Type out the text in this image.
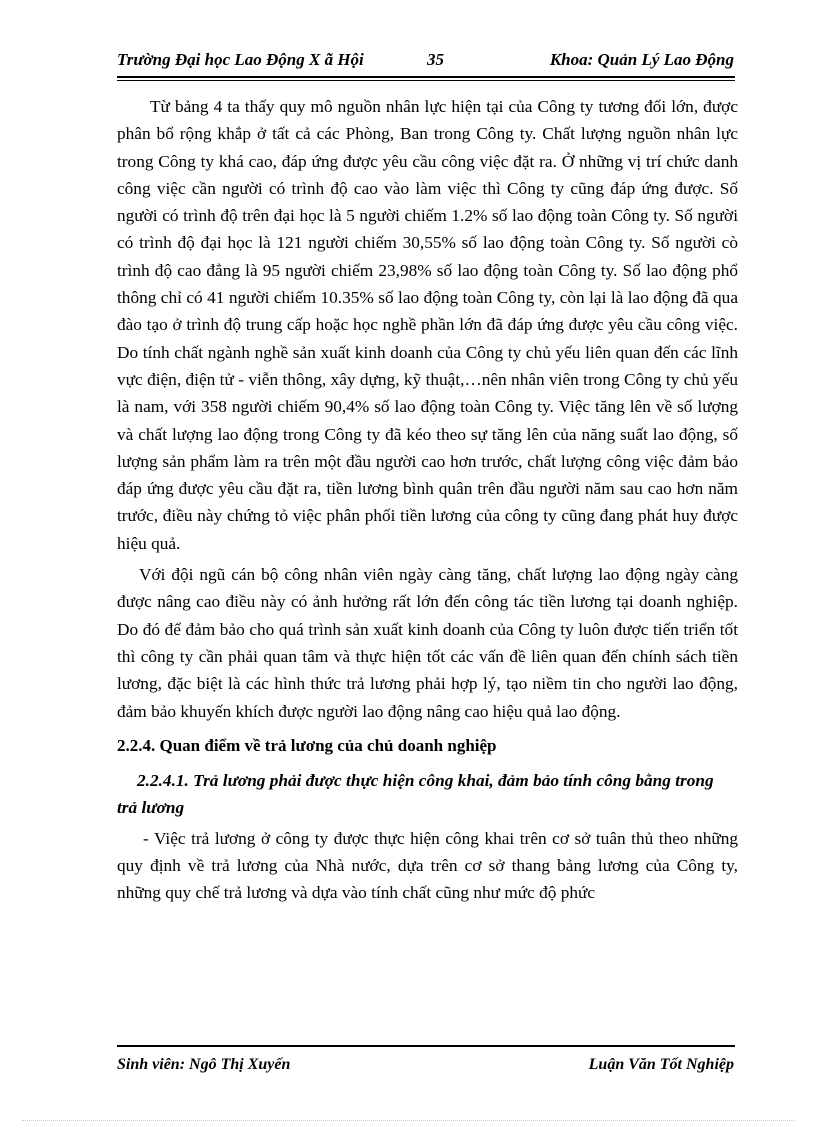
Trường Đại học Lao Động X ã Hội	35	Khoa: Quản Lý Lao Động

Từ bảng 4 ta thấy quy mô nguồn nhân lực hiện tại của Công ty tương đối lớn, được phân bổ rộng khắp ở tất cả các Phòng, Ban trong Công ty. Chất lượng nguồn nhân lực trong Công ty khá cao, đáp ứng được yêu cầu công việc đặt ra. Ở những vị trí chức danh công việc cần người có trình độ cao vào làm việc thì Công ty cũng đáp ứng được. Số người có trình độ trên đại học là 5 người chiếm 1.2% số lao động toàn Công ty. Số người có trình độ đại học là 121 người chiếm 30,55% số lao động toàn Công ty. Số người cò trình độ cao đẳng là 95 người chiếm 23,98% số lao động toàn Công ty. Số lao động phổ thông chỉ có 41 người chiếm 10.35% số lao động toàn Công ty, còn lại là lao động đã qua đào tạo ở trình độ trung cấp hoặc học nghề phần lớn đã đáp ứng được yêu cầu công việc. Do tính chất ngành nghề sản xuất kinh doanh của Công ty chủ yếu liên quan đến các lĩnh vực điện, điện tử - viễn thông, xây dựng, kỹ thuật,…nên nhân viên trong Công ty chủ yếu là nam, với 358 người chiếm 90,4% số lao động toàn Công ty. Việc tăng lên về số lượng và chất lượng lao động trong Công ty đã kéo theo sự tăng lên của năng suất lao động, số lượng sản phẩm làm ra trên một đầu người cao hơn trước, chất lượng công việc đảm bảo đáp ứng được yêu cầu đặt ra, tiền lương bình quân trên đầu người năm sau cao hơn năm trước, điều này chứng tỏ việc phân phối tiền lương của công ty cũng đang phát huy được hiệu quả.

Với đội ngũ cán bộ công nhân viên ngày càng tăng, chất lượng lao động ngày càng được nâng cao điều này có ảnh hưởng rất lớn đến công tác tiền lương tại doanh nghiệp. Do đó để đảm bảo cho quá trình sản xuất kinh doanh của Công ty luôn được tiến triển tốt thì công ty cần phải quan tâm và thực hiện tốt các vấn đề liên quan đến chính sách tiền lương, đặc biệt là các hình thức trả lương phải hợp lý, tạo niềm tin cho người lao động, đảm bảo khuyến khích được người lao động nâng cao hiệu quả lao động.

2.2.4. Quan điểm về trả lương của chủ doanh nghiệp

2.2.4.1. Trả lương phải được thực hiện công khai, đảm bảo tính công bằng trong trả lương

- Việc trả lương ở công ty được thực hiện công khai trên cơ sở tuân thủ theo những quy định về trả lương của Nhà nước, dựa trên cơ sở thang bảng lương của Công ty, những quy chế trả lương và dựa vào tính chất cũng như mức độ phức

Sinh viên: Ngô Thị Xuyến	Luận Văn Tốt Nghiệp
